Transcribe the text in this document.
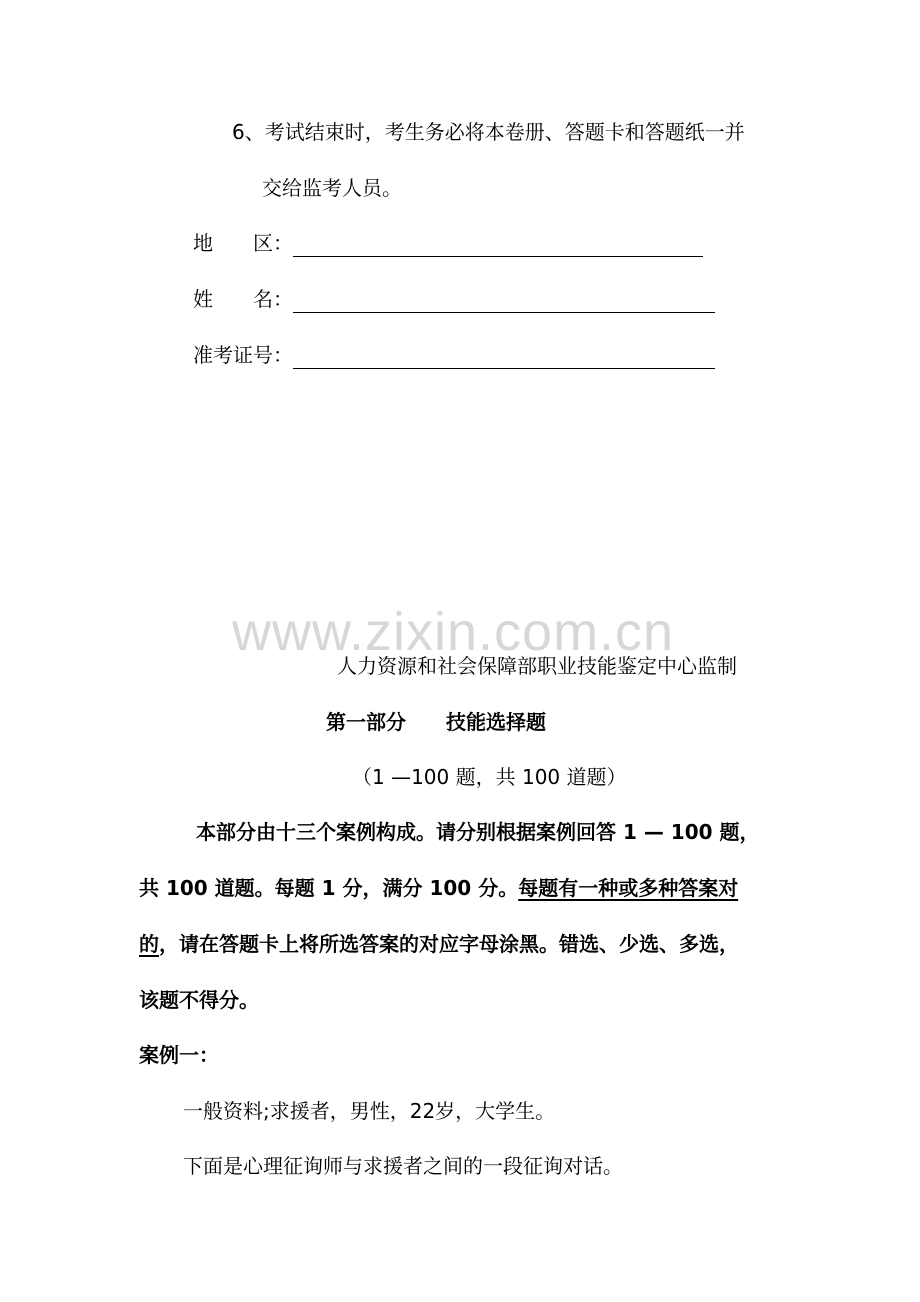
6、考试结束时，考生务必将本卷册、答题卡和答题纸一并
交给监考人员。
地　　区：
姓　　名：
准考证号：
www.zixin.com.cn
人力资源和社会保障部职业技能鉴定中心监制
第一部分　　技能选择题
（1 —100 题，共 100 道题）
本部分由十三个案例构成。请分别根据案例回答 1 — 100 题，
共 100 道题。每题 1 分，满分 100 分。每题有一种或多种答案对
的，请在答题卡上将所选答案的对应字母涂黑。错选、少选、多选，
该题不得分。
案例一：
一般资料;求援者，男性，22岁，大学生。
下面是心理征询师与求援者之间的一段征询对话。
